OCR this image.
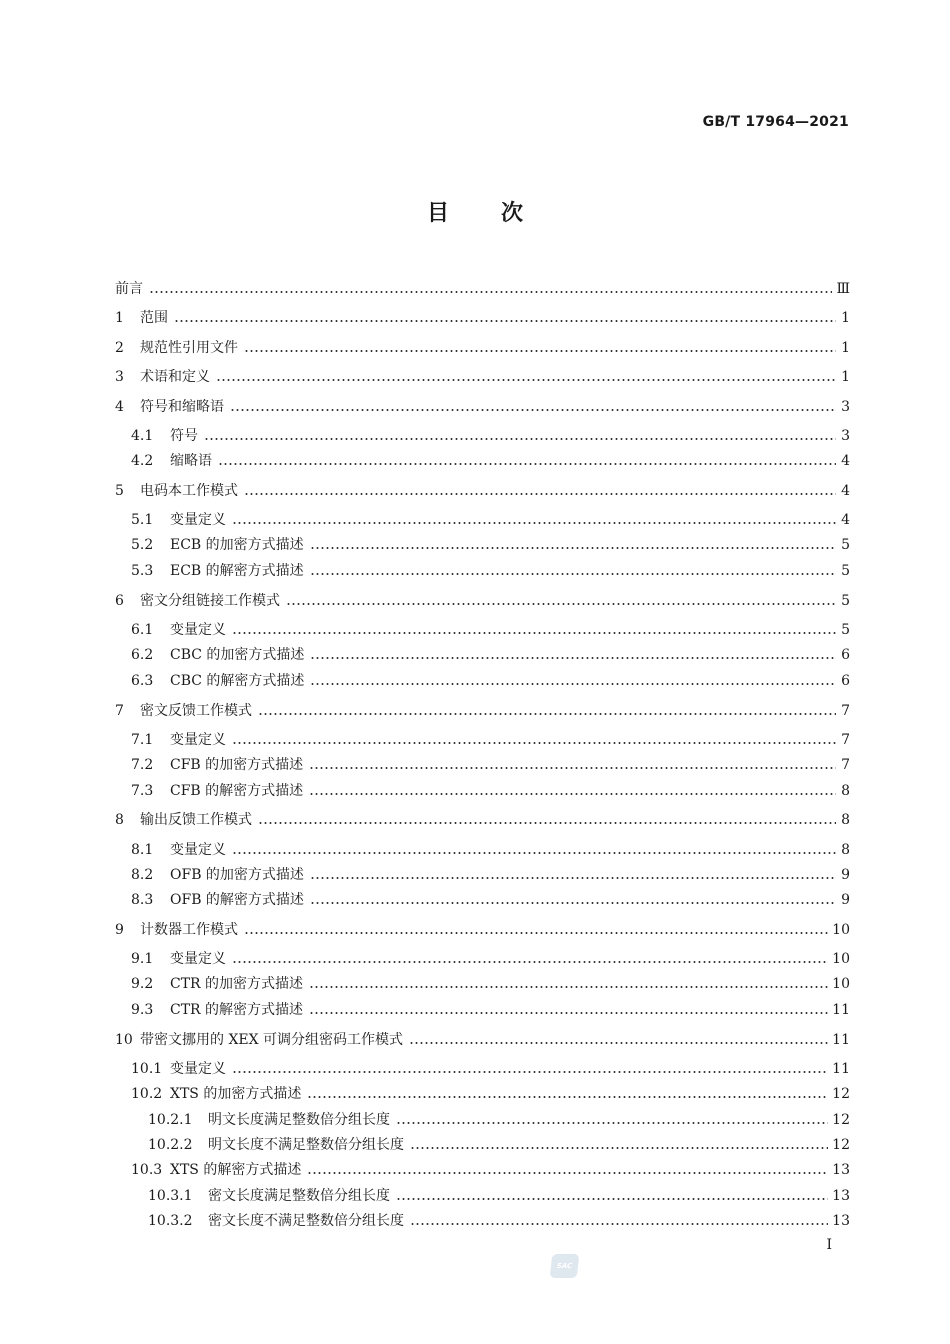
GB/T 17964—2021
目次
前言	Ⅲ
1	范围	1
2	规范性引用文件	1
3	术语和定义	1
4	符号和缩略语	3
4.1	符号	3
4.2	缩略语	4
5	电码本工作模式	4
5.1	变量定义	4
5.2	ECB 的加密方式描述	5
5.3	ECB 的解密方式描述	5
6	密文分组链接工作模式	5
6.1	变量定义	5
6.2	CBC 的加密方式描述	6
6.3	CBC 的解密方式描述	6
7	密文反馈工作模式	7
7.1	变量定义	7
7.2	CFB 的加密方式描述	7
7.3	CFB 的解密方式描述	8
8	输出反馈工作模式	8
8.1	变量定义	8
8.2	OFB 的加密方式描述	9
8.3	OFB 的解密方式描述	9
9	计数器工作模式	10
9.1	变量定义	10
9.2	CTR 的加密方式描述	10
9.3	CTR 的解密方式描述	11
10 带密文挪用的 XEX 可调分组密码工作模式	11
10.1 变量定义	11
10.2 XTS 的加密方式描述	12
10.2.1	明文长度满足整数倍分组长度	12
10.2.2	明文长度不满足整数倍分组长度	12
10.3 XTS 的解密方式描述	13
10.3.1	密文长度满足整数倍分组长度	13
10.3.2	密文长度不满足整数倍分组长度	13
Ⅰ
SAC
